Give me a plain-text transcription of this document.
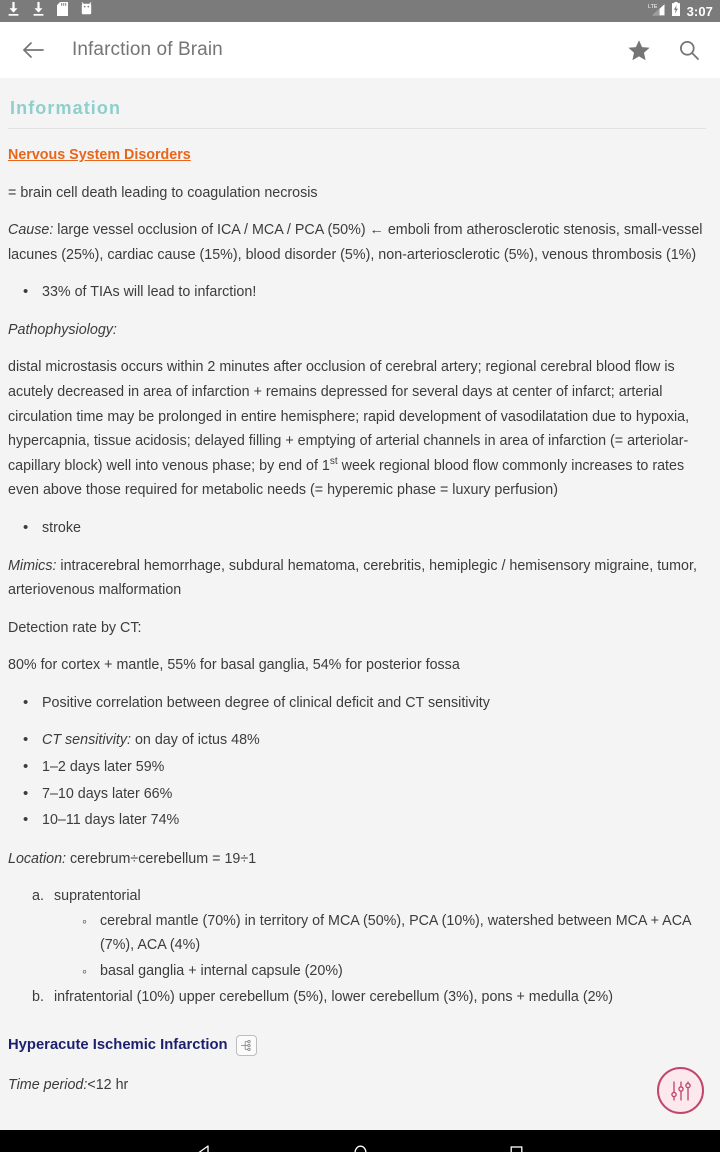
LTE 3:07
Infarction of Brain
Information
Nervous System Disorders

= brain cell death leading to coagulation necrosis

Cause: large vessel occlusion of ICA / MCA / PCA (50%) ← emboli from atherosclerotic stenosis, small-vessel lacunes (25%), cardiac cause (15%), blood disorder (5%), non-arteriosclerotic (5%), venous thrombosis (1%)

• 33% of TIAs will lead to infarction!

Pathophysiology:

distal microstasis occurs within 2 minutes after occlusion of cerebral artery; regional cerebral blood flow is acutely decreased in area of infarction + remains depressed for several days at center of infarct; arterial circulation time may be prolonged in entire hemisphere; rapid development of vasodilatation due to hypoxia, hypercapnia, tissue acidosis; delayed filling + emptying of arterial channels in area of infarction (= arteriolar-capillary block) well into venous phase; by end of 1st week regional blood flow commonly increases to rates even above those required for metabolic needs (= hyperemic phase = luxury perfusion)

• stroke

Mimics: intracerebral hemorrhage, subdural hematoma, cerebritis, hemiplegic / hemisensory migraine, tumor, arteriovenous malformation

Detection rate by CT:

80% for cortex + mantle, 55% for basal ganglia, 54% for posterior fossa

• Positive correlation between degree of clinical deficit and CT sensitivity
• CT sensitivity: on day of ictus 48%
• 1–2 days later 59%
• 7–10 days later 66%
• 10–11 days later 74%

Location: cerebrum÷cerebellum = 19÷1

supratentorial
◦ cerebral mantle (70%) in territory of MCA (50%), PCA (10%), watershed between MCA + ACA (7%), ACA (4%)
◦ basal ganglia + internal capsule (20%)
infratentorial (10%) upper cerebellum (5%), lower cerebellum (3%), pons + medulla (2%)
Hyperacute Ischemic Infarction

Time period:<12 hr
